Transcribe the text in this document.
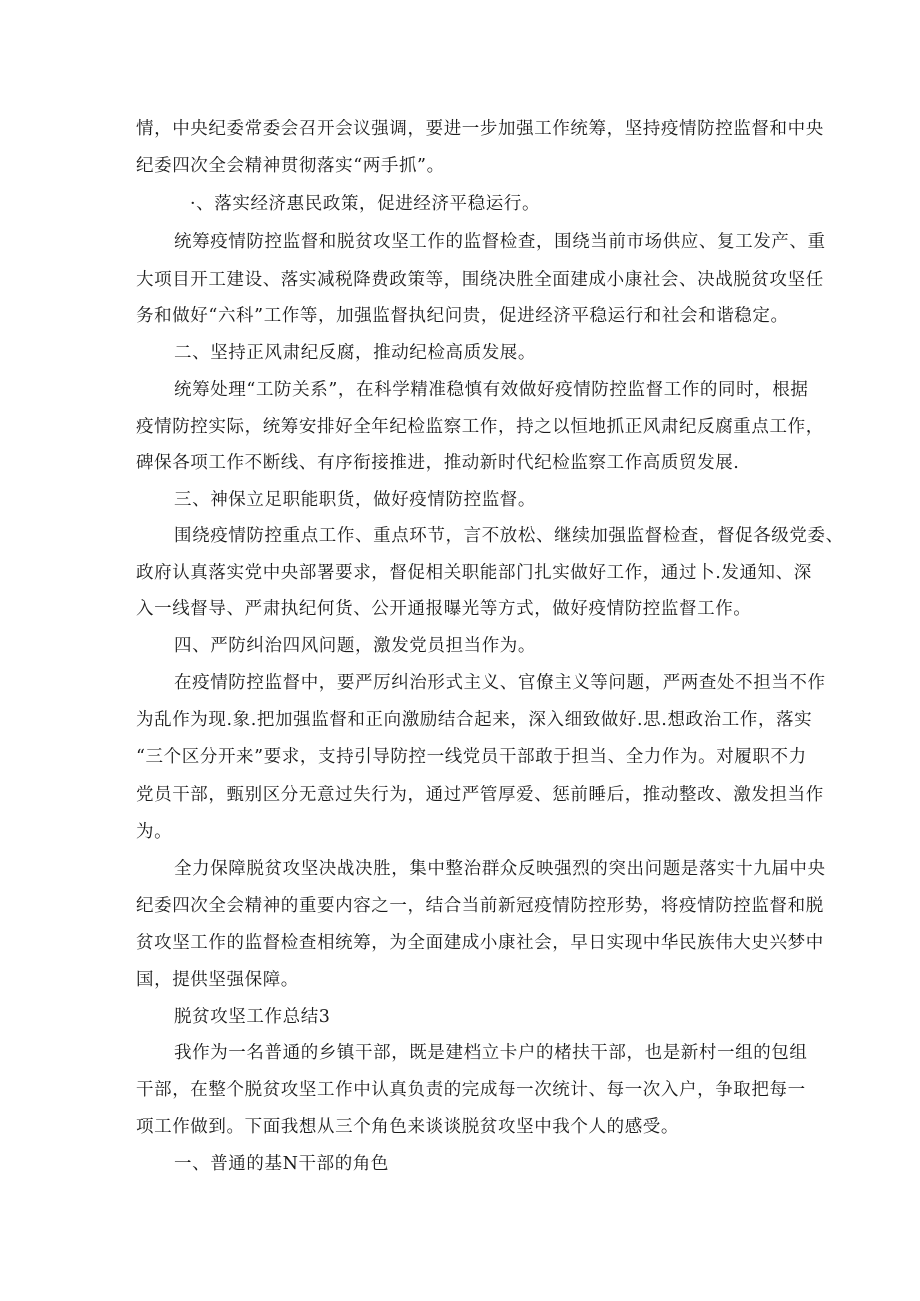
情，中央纪委常委会召开会议强调，要进一步加强工作统筹，坚持疫情防控监督和中央

纪委四次全会精神贯彻落实“两手抓”。

·、落实经济惠民政策，促进经济平稳运行。

统筹疫情防控监督和脱贫攻坚工作的监督检查，围绕当前市场供应、复工发产、重

大项目开工建设、落实减税降费政策等，围绕决胜全面建成小康社会、决战脱贫攻坚任

务和做好“六科”工作等，加强监督执纪问贵，促进经济平稳运行和社会和谐稳定。

二、坚持正风肃纪反腐，推动纪检高质发展。

统筹处理“工防关系”，在科学精准稳慎有效做好疫情防控监督工作的同时，根据

疫情防控实际，统筹安排好全年纪检监察工作，持之以恒地抓正风肃纪反腐重点工作，

碑保各项工作不断线、有序衔接推进，推动新时代纪检监察工作高质贸发展.

三、神保立足职能职货，做好疫情防控监督。

围绕疫情防控重点工作、重点环节，言不放松、继续加强监督检查，督促各级党委、

政府认真落实党中央部署要求，督促相关职能部门扎实做好工作，通过卜.发通知、深

入一线督导、严肃执纪何货、公开通报曝光等方式，做好疫情防控监督工作。

四、严防纠治四风问题，激发党员担当作为。

在疫情防控监督中，要严厉纠治形式主义、官僚主义等问题，严两查处不担当不作

为乱作为现.象.把加强监督和正向激励结合起来，深入细致做好.思.想政治工作，落实

“三个区分开来”要求，支持引导防控一线党员干部敢于担当、全力作为。对履职不力

党员干部，甄别区分无意过失行为，通过严管厚爱、惩前睡后，推动整改、激发担当作

为。

全力保障脱贫攻坚决战决胜，集中整治群众反映强烈的突出问题是落实十九届中央

纪委四次全会精神的重要内容之一，结合当前新冠疫情防控形势，将疫情防控监督和脱

贫攻坚工作的监督检查相统筹，为全面建成小康社会，早日实现中华民族伟大史兴梦中

国，提供坚强保障。

脱贫攻坚工作总结3

我作为一名普通的乡镇干部，既是建档立卡户的楮扶干部，也是新村一组的包组

干部，在整个脱贫攻坚工作中认真负责的完成每一次统计、每一次入户，争取把每一

项工作做到。下面我想从三个角色来谈谈脱贫攻坚中我个人的感受。

一、普通的基N干部的角色
